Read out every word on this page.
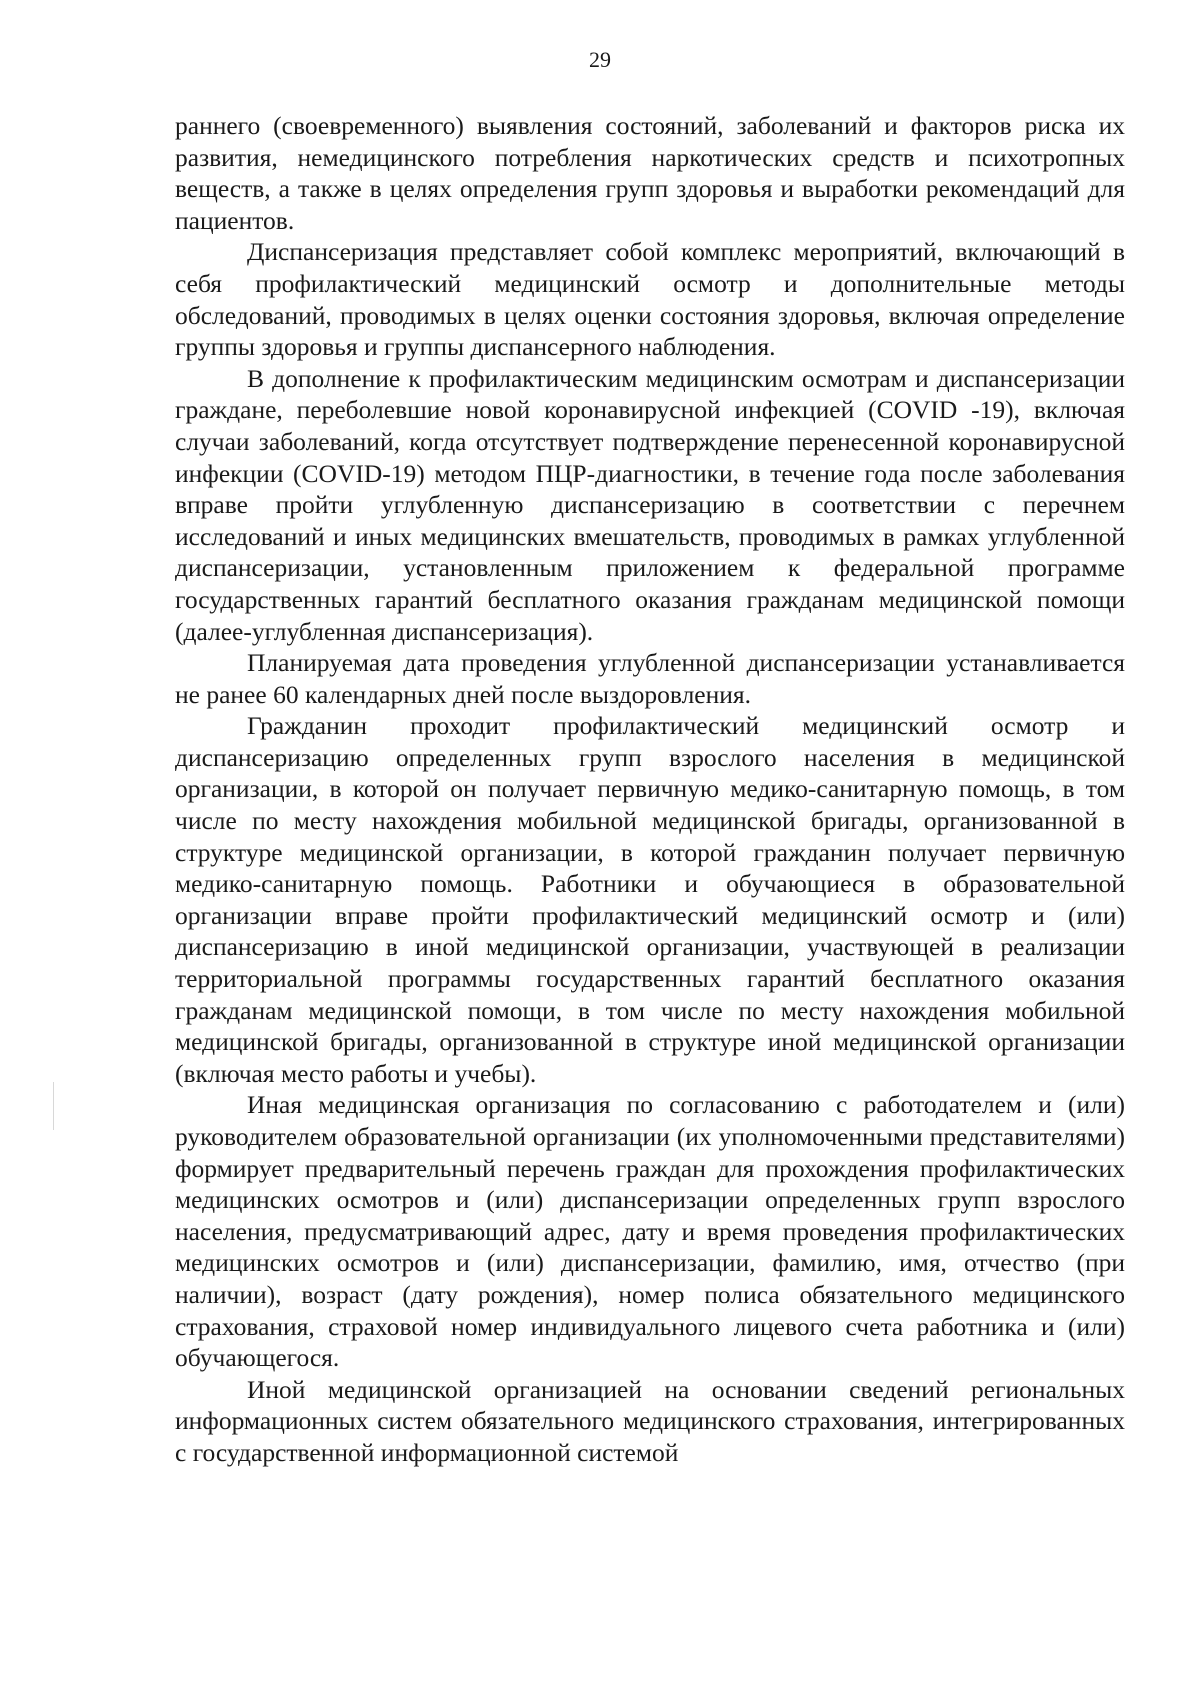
29

раннего (своевременного) выявления состояний, заболеваний и факторов риска их развития, немедицинского потребления наркотических средств и психотропных веществ, а также в целях определения групп здоровья и выработки рекомендаций для пациентов.

Диспансеризация представляет собой комплекс мероприятий, включающий в себя профилактический медицинский осмотр и дополнительные методы обследований, проводимых в целях оценки состояния здоровья, включая определение группы здоровья и группы диспансерного наблюдения.

В дополнение к профилактическим медицинским осмотрам и диспансеризации граждане, переболевшие новой коронавирусной инфекцией (COVID -19), включая случаи заболеваний, когда отсутствует подтверждение перенесенной коронавирусной инфекции (COVID-19) методом ПЦР-диагностики, в течение года после заболевания вправе пройти углубленную диспансеризацию в соответствии с перечнем исследований и иных медицинских вмешательств, проводимых в рамках углубленной диспансеризации, установленным приложением к федеральной программе государственных гарантий бесплатного оказания гражданам медицинской помощи (далее-углубленная диспансеризация).

Планируемая дата проведения углубленной диспансеризации устанавливается не ранее 60 календарных дней после выздоровления.

Гражданин проходит профилактический медицинский осмотр и диспансеризацию определенных групп взрослого населения в медицинской организации, в которой он получает первичную медико-санитарную помощь, в том числе по месту нахождения мобильной медицинской бригады, организованной в структуре медицинской организации, в которой гражданин получает первичную медико-санитарную помощь. Работники и обучающиеся в образовательной организации вправе пройти профилактический медицинский осмотр и (или) диспансеризацию в иной медицинской организации, участвующей в реализации территориальной программы государственных гарантий бесплатного оказания гражданам медицинской помощи, в том числе по месту нахождения мобильной медицинской бригады, организованной в структуре иной медицинской организации (включая место работы и учебы).

Иная медицинская организация по согласованию с работодателем и (или) руководителем образовательной организации (их уполномоченными представителями) формирует предварительный перечень граждан для прохождения профилактических медицинских осмотров и (или) диспансеризации определенных групп взрослого населения, предусматривающий адрес, дату и время проведения профилактических медицинских осмотров и (или) диспансеризации, фамилию, имя, отчество (при наличии), возраст (дату рождения), номер полиса обязательного медицинского страхования, страховой номер индивидуального лицевого счета работника и (или) обучающегося.

Иной медицинской организацией на основании сведений региональных информационных систем обязательного медицинского страхования, интегрированных с государственной информационной системой
